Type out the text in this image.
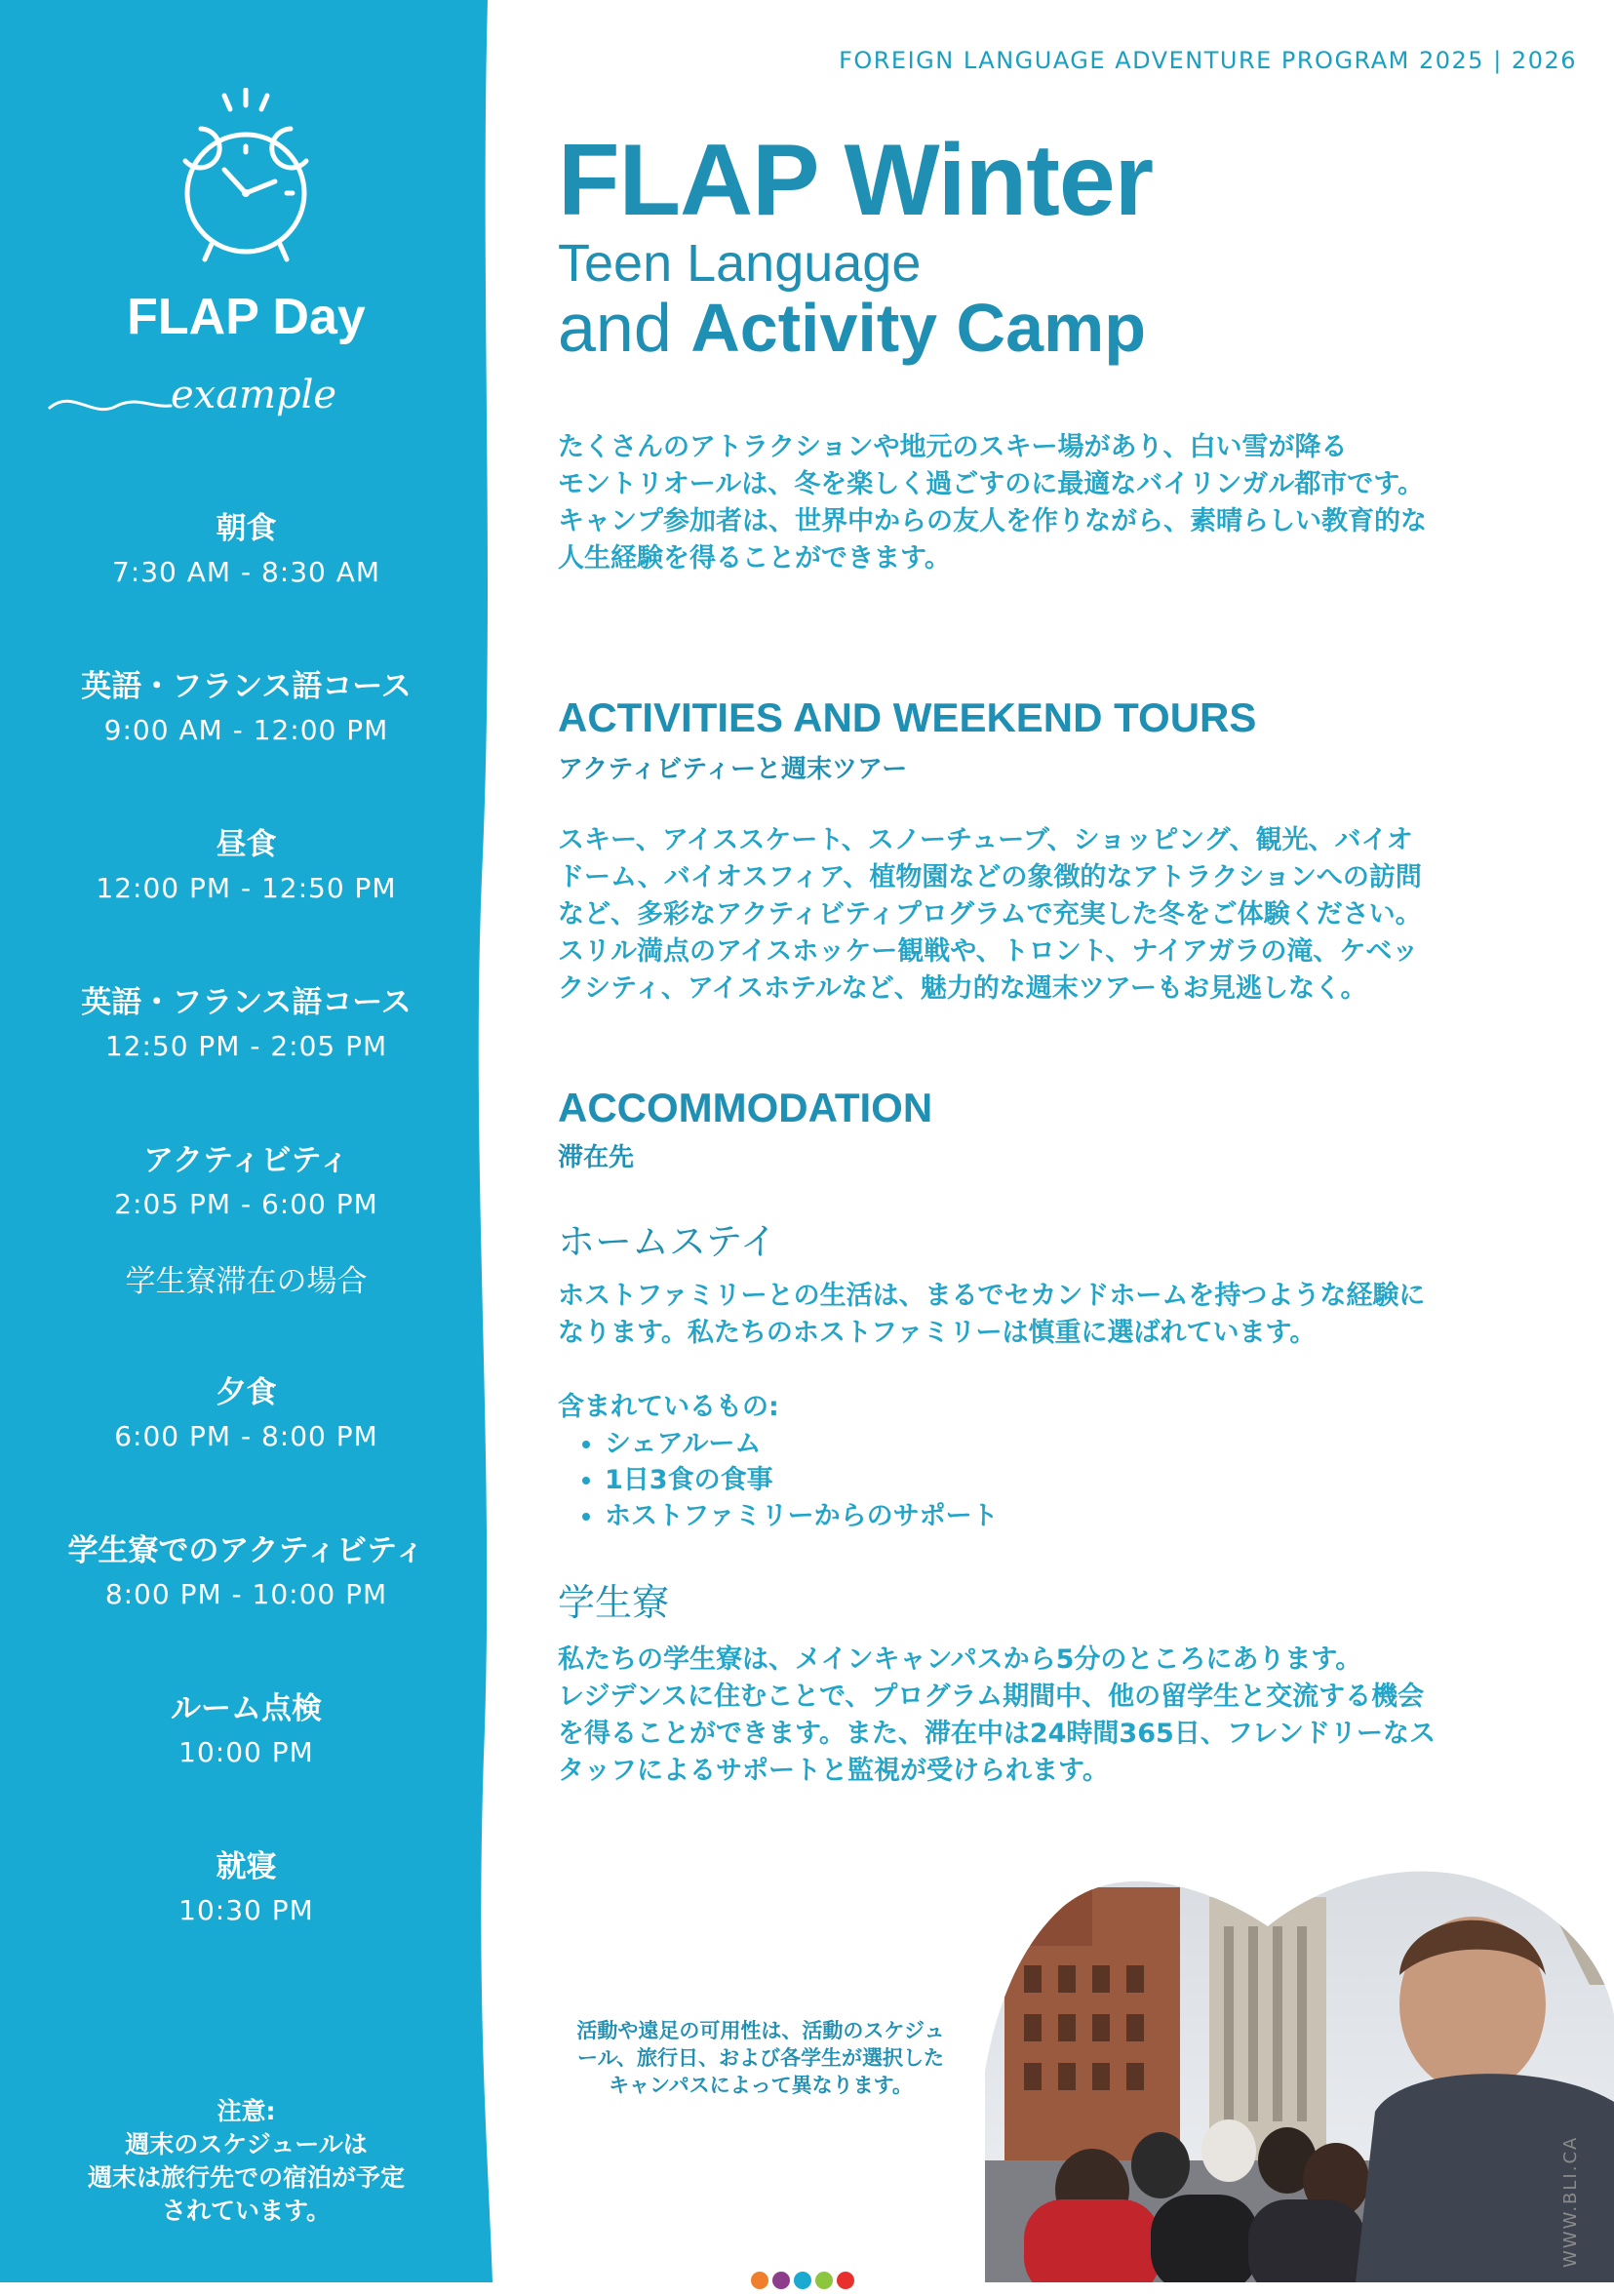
FLAP Day
example
朝食
7:30 AM - 8:30 AM
英語・フランス語コース
9:00 AM - 12:00 PM
昼食
12:00 PM - 12:50 PM
英語・フランス語コース
12:50 PM - 2:05 PM
アクティビティ
2:05 PM - 6:00 PM
学生寮滞在の場合
夕食
6:00 PM - 8:00 PM
学生寮でのアクティビティ
8:00 PM - 10:00 PM
ルーム点検
10:00 PM
就寝
10:30 PM
注意:
週末のスケジュールは
週末は旅行先での宿泊が予定
されています。
FOREIGN LANGUAGE ADVENTURE PROGRAM 2025 | 2026
FLAP Winter
Teen Language
and Activity Camp
たくさんのアトラクションや地元のスキー場があり、白い雪が降る
モントリオールは、冬を楽しく過ごすのに最適なバイリンガル都市です。
キャンプ参加者は、世界中からの友人を作りながら、素晴らしい教育的な
人生経験を得ることができます。
ACTIVITIES AND WEEKEND TOURS
アクティビティーと週末ツアー
スキー、アイススケート、スノーチューブ、ショッピング、観光、バイオ
ドーム、バイオスフィア、植物園などの象徴的なアトラクションへの訪問
など、多彩なアクティビティプログラムで充実した冬をご体験ください。
スリル満点のアイスホッケー観戦や、トロント、ナイアガラの滝、ケベッ
クシティ、アイスホテルなど、魅力的な週末ツアーもお見逃しなく。
ACCOMMODATION
滞在先
ホームステイ
ホストファミリーとの生活は、まるでセカンドホームを持つような経験に
なります。私たちのホストファミリーは慎重に選ばれています。
含まれているもの:
• シェアルーム
• 1日3食の食事
• ホストファミリーからのサポート
学生寮
私たちの学生寮は、メインキャンパスから5分のところにあります。
レジデンスに住むことで、プログラム期間中、他の留学生と交流する機会
を得ることができます。また、滞在中は24時間365日、フレンドリーなス
タッフによるサポートと監視が受けられます。
活動や遠足の可用性は、活動のスケジュ
ール、旅行日、および各学生が選択した
キャンパスによって異なります。
WWW.BLI.CA
